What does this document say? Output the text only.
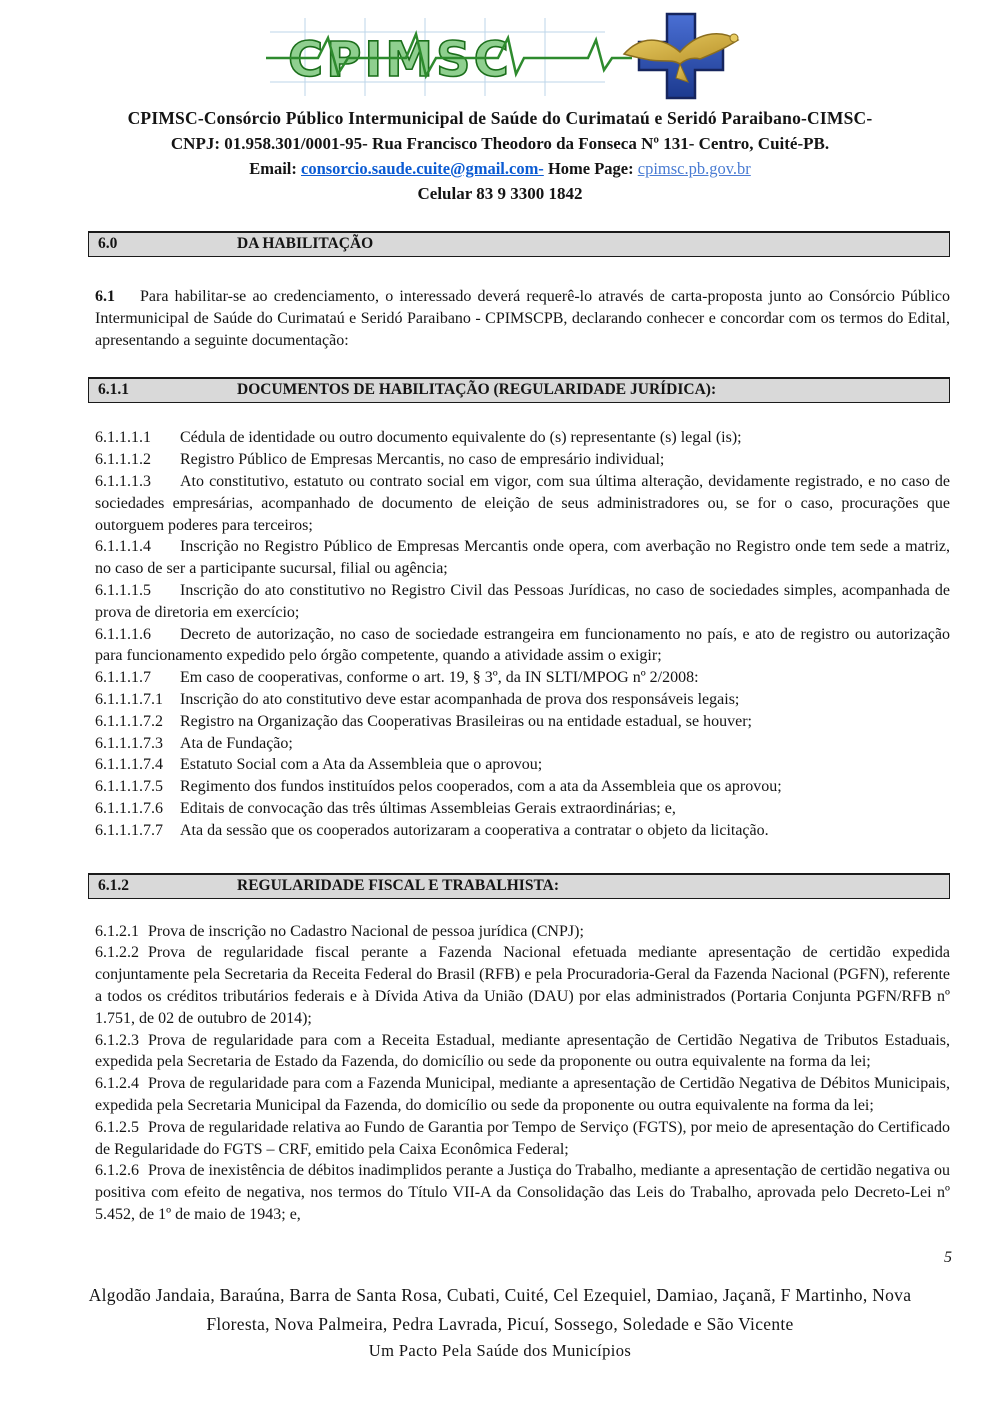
CPIMSC
CPIMSC-Consórcio Público Intermunicipal de Saúde do Curimataú e Seridó Paraibano-CIMSC-
CNPJ: 01.958.301/0001-95- Rua Francisco Theodoro da Fonseca Nº 131- Centro, Cuité-PB.
Email: consorcio.saude.cuite@gmail.com- Home Page: cpimsc.pb.gov.br
Celular 83 9 3300 1842
6.0	DA HABILITAÇÃO

6.1 Para habilitar-se ao credenciamento, o interessado deverá requerê-lo através de carta-proposta junto ao Consórcio Público Intermunicipal de Saúde do Curimataú e Seridó Paraibano - CPIMSCPB, declarando conhecer e concordar com os termos do Edital, apresentando a seguinte documentação:

6.1.1	DOCUMENTOS DE HABILITAÇÃO (REGULARIDADE JURÍDICA):

6.1.1.1.1 Cédula de identidade ou outro documento equivalente do (s) representante (s) legal (is);

6.1.1.1.2 Registro Público de Empresas Mercantis, no caso de empresário individual;

6.1.1.1.3 Ato constitutivo, estatuto ou contrato social em vigor, com sua última alteração, devidamente registrado, e no caso de sociedades empresárias, acompanhado de documento de eleição de seus administradores ou, se for o caso, procurações que outorguem poderes para terceiros;

6.1.1.1.4 Inscrição no Registro Público de Empresas Mercantis onde opera, com averbação no Registro onde tem sede a matriz, no caso de ser a participante sucursal, filial ou agência;

6.1.1.1.5 Inscrição do ato constitutivo no Registro Civil das Pessoas Jurídicas, no caso de sociedades simples, acompanhada de prova de diretoria em exercício;

6.1.1.1.6 Decreto de autorização, no caso de sociedade estrangeira em funcionamento no país, e ato de registro ou autorização para funcionamento expedido pelo órgão competente, quando a atividade assim o exigir;

6.1.1.1.7 Em caso de cooperativas, conforme o art. 19, § 3º, da IN SLTI/MPOG nº 2/2008:

6.1.1.1.7.1 Inscrição do ato constitutivo deve estar acompanhada de prova dos responsáveis legais;

6.1.1.1.7.2 Registro na Organização das Cooperativas Brasileiras ou na entidade estadual, se houver;

6.1.1.1.7.3 Ata de Fundação;

6.1.1.1.7.4 Estatuto Social com a Ata da Assembleia que o aprovou;

6.1.1.1.7.5 Regimento dos fundos instituídos pelos cooperados, com a ata da Assembleia que os aprovou;

6.1.1.1.7.6 Editais de convocação das três últimas Assembleias Gerais extraordinárias; e,

6.1.1.1.7.7 Ata da sessão que os cooperados autorizaram a cooperativa a contratar o objeto da licitação.

6.1.2	REGULARIDADE FISCAL E TRABALHISTA:

6.1.2.1 Prova de inscrição no Cadastro Nacional de pessoa jurídica (CNPJ);

6.1.2.2 Prova de regularidade fiscal perante a Fazenda Nacional efetuada mediante apresentação de certidão expedida conjuntamente pela Secretaria da Receita Federal do Brasil (RFB) e pela Procuradoria-Geral da Fazenda Nacional (PGFN), referente a todos os créditos tributários federais e à Dívida Ativa da União (DAU) por elas administrados (Portaria Conjunta PGFN/RFB nº 1.751, de 02 de outubro de 2014);

6.1.2.3 Prova de regularidade para com a Receita Estadual, mediante apresentação de Certidão Negativa de Tributos Estaduais, expedida pela Secretaria de Estado da Fazenda, do domicílio ou sede da proponente ou outra equivalente na forma da lei;

6.1.2.4 Prova de regularidade para com a Fazenda Municipal, mediante a apresentação de Certidão Negativa de Débitos Municipais, expedida pela Secretaria Municipal da Fazenda, do domicílio ou sede da proponente ou outra equivalente na forma da lei;

6.1.2.5 Prova de regularidade relativa ao Fundo de Garantia por Tempo de Serviço (FGTS), por meio de apresentação do Certificado de Regularidade do FGTS – CRF, emitido pela Caixa Econômica Federal;

6.1.2.6 Prova de inexistência de débitos inadimplidos perante a Justiça do Trabalho, mediante a apresentação de certidão negativa ou positiva com efeito de negativa, nos termos do Título VII-A da Consolidação das Leis do Trabalho, aprovada pelo Decreto-Lei nº 5.452, de 1º de maio de 1943; e,

5
Algodão Jandaia, Baraúna, Barra de Santa Rosa, Cubati, Cuité, Cel Ezequiel, Damiao, Jaçanã, F Martinho, Nova Floresta, Nova Palmeira, Pedra Lavrada, Picuí, Sossego, Soledade e São Vicente
Um Pacto Pela Saúde dos Municípios
